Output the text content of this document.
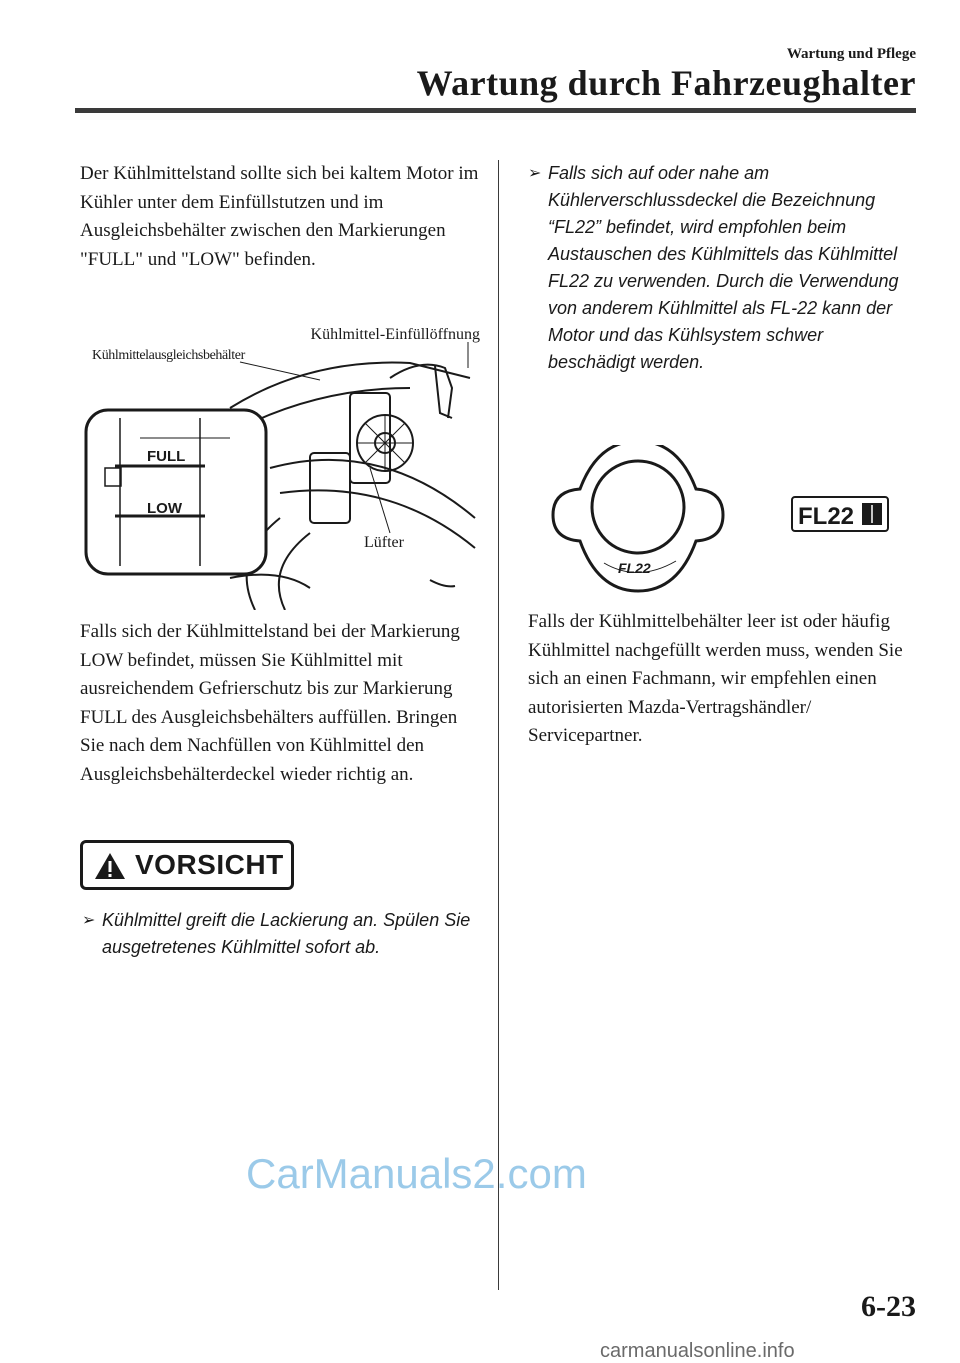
Wartung und Pflege
Wartung durch Fahrzeughalter
Der Kühlmittelstand sollte sich bei kaltem Motor im Kühler unter dem Einfüllstutzen und im Ausgleichsbehälter zwischen den Markierungen "FULL" und "LOW" befinden.
FULL
LOW
Kühlmittel-Einfüllöffnung
Kühlmittelausgleichsbehälter
Lüfter
Falls sich der Kühlmittelstand bei der Markierung LOW befindet, müssen Sie Kühlmittel mit ausreichendem Gefrierschutz bis zur Markierung FULL des Ausgleichsbehälters auffüllen. Bringen Sie nach dem Nachfüllen von Kühlmittel den Ausgleichsbehälterdeckel wieder richtig an.
VORSICHT
➢ Kühlmittel greift die Lackierung an. Spülen Sie ausgetretenes Kühlmittel sofort ab.
➢ Falls sich auf oder nahe am Kühlerverschlussdeckel die Bezeichnung “FL22” befindet, wird empfohlen beim Austauschen des Kühlmittels das Kühlmittel FL22 zu verwenden. Durch die Verwendung von anderem Kühlmittel als FL-22 kann der Motor und das Kühlsystem schwer beschädigt werden.
FL22
FL22
Falls der Kühlmittelbehälter leer ist oder häufig Kühlmittel nachgefüllt werden muss, wenden Sie sich an einen Fachmann, wir empfehlen einen autorisierten Mazda-Vertragshändler/ Servicepartner.
CarManuals2.com
6-23
carmanualsonline.info
